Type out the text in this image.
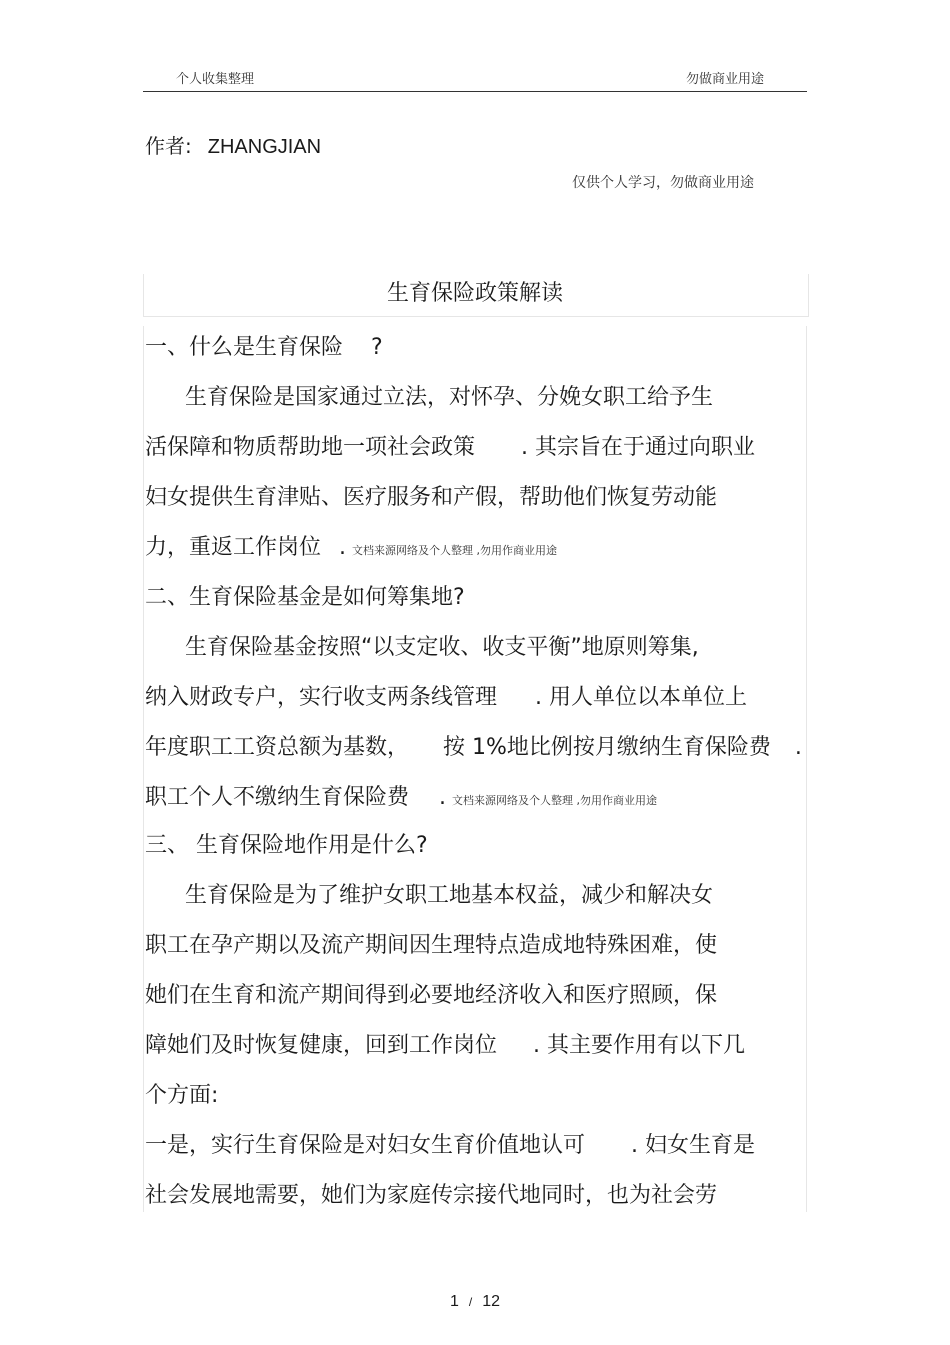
个人收集整理	勿做商业用途
作者: ZHANGJIAN
仅供个人学习，勿做商业用途
生育保险政策解读
一、什么是生育保险 ?
生育保险是国家通过立法，对怀孕、分娩女职工给予生
活保障和物质帮助地一项社会政策 . 其宗旨在于通过向职业
妇女提供生育津贴、医疗服务和产假，帮助他们恢复劳动能
力，重返工作岗位 . 文档来源网络及个人整理 ,勿用作商业用途
二、生育保险基金是如何筹集地?
生育保险基金按照“以支定收、收支平衡”地原则筹集,
纳入财政专户，实行收支两条线管理 . 用人单位以本单位上
年度职工工资总额为基数， 按 1%地比例按月缴纳生育保险费 .
职工个人不缴纳生育保险费 . 文档来源网络及个人整理 ,勿用作商业用途
三、 生育保险地作用是什么?
生育保险是为了维护女职工地基本权益，减少和解决女
职工在孕产期以及流产期间因生理特点造成地特殊困难，使
她们在生育和流产期间得到必要地经济收入和医疗照顾，保
障她们及时恢复健康，回到工作岗位 . 其主要作用有以下几
个方面:
一是，实行生育保险是对妇女生育价值地认可 . 妇女生育是
社会发展地需要，她们为家庭传宗接代地同时，也为社会劳
1 / 12
